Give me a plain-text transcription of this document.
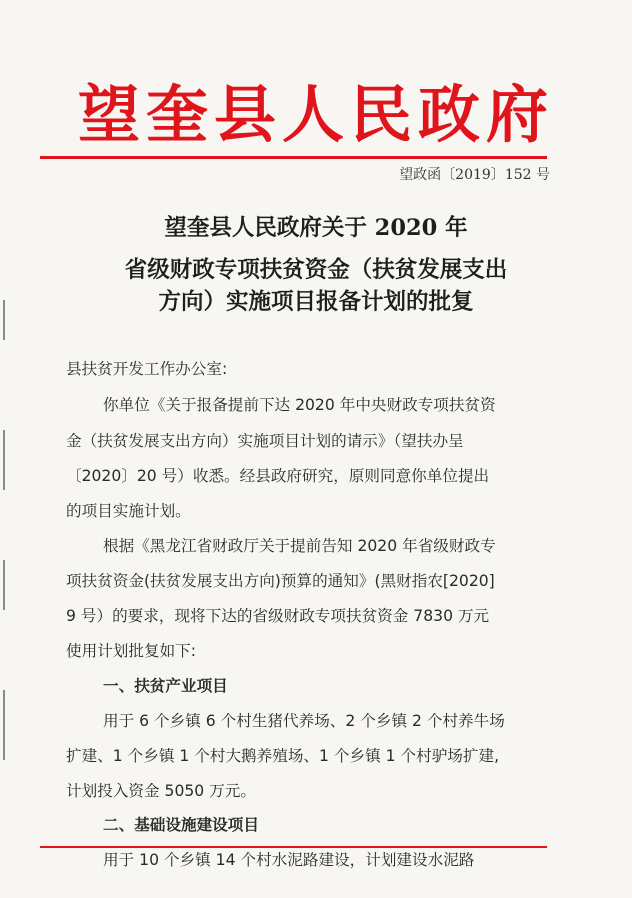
望奎县人民政府
望政函〔2019〕152 号
望奎县人民政府关于 2020 年
省级财政专项扶贫资金（扶贫发展支出
方向）实施项目报备计划的批复
县扶贫开发工作办公室:
你单位《关于报备提前下达 2020 年中央财政专项扶贫资
金（扶贫发展支出方向）实施项目计划的请示》（望扶办呈
〔2020〕20 号）收悉。经县政府研究，原则同意你单位提出
的项目实施计划。
根据《黑龙江省财政厅关于提前告知 2020 年省级财政专
项扶贫资金(扶贫发展支出方向)预算的通知》(黑财指农[2020]
9 号）的要求，现将下达的省级财政专项扶贫资金 7830 万元
使用计划批复如下:
一、扶贫产业项目
用于 6 个乡镇 6 个村生猪代养场、2 个乡镇 2 个村养牛场
扩建、1 个乡镇 1 个村大鹅养殖场、1 个乡镇 1 个村驴场扩建,
计划投入资金 5050 万元。
二、基础设施建设项目
用于 10 个乡镇 14 个村水泥路建设，计划建设水泥路
